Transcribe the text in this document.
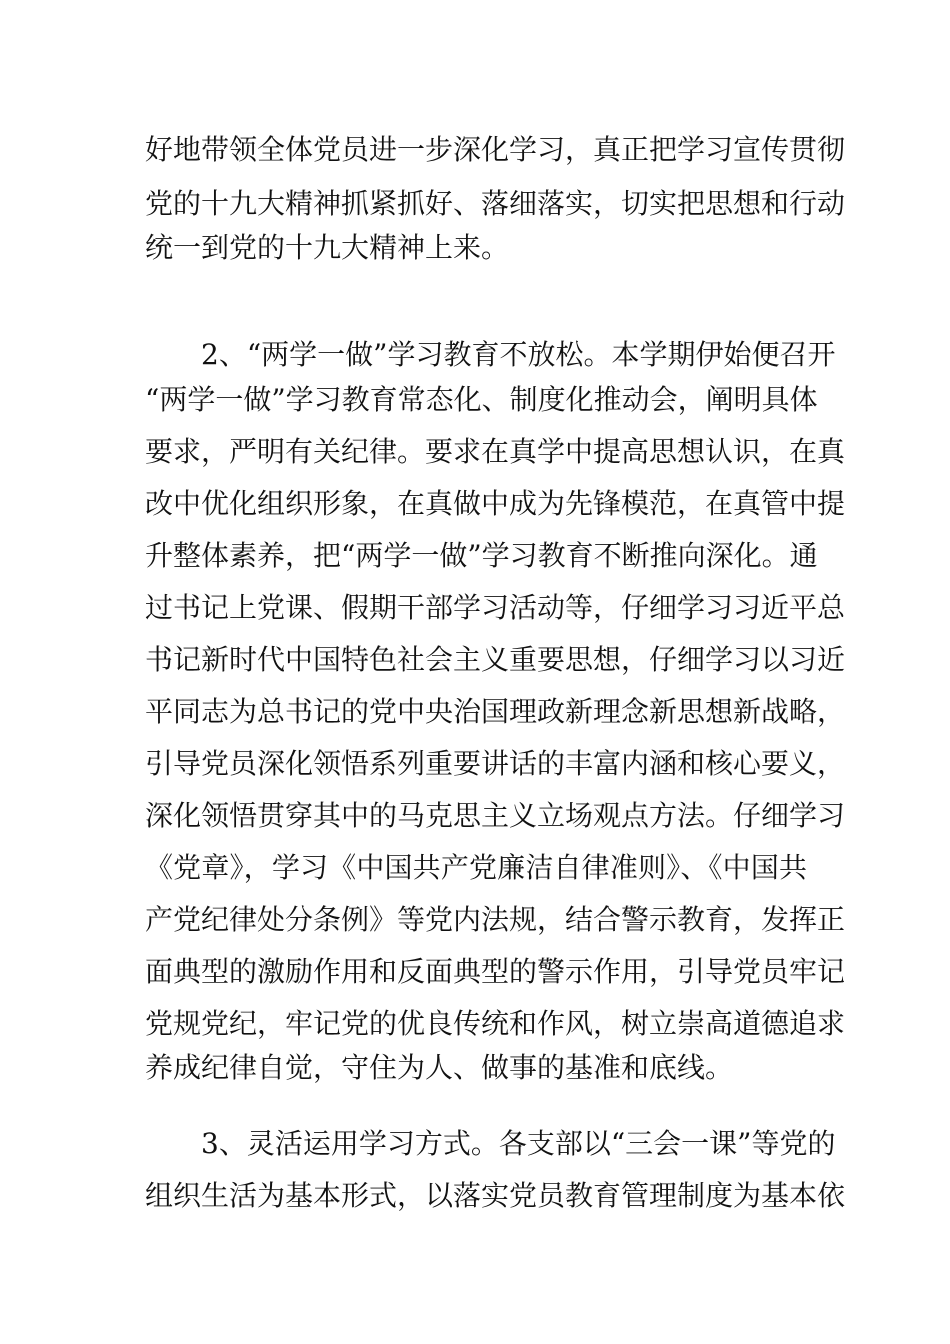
好地带领全体党员进一步深化学习，真正把学习宣传贯彻
党的十九大精神抓紧抓好、落细落实，切实把思想和行动
统一到党的十九大精神上来。
2、“两学一做”学习教育不放松。本学期伊始便召开
“两学一做”学习教育常态化、制度化推动会，阐明具体
要求，严明有关纪律。要求在真学中提高思想认识，在真
改中优化组织形象，在真做中成为先锋模范，在真管中提
升整体素养，把“两学一做”学习教育不断推向深化。通
过书记上党课、假期干部学习活动等，仔细学习习近平总
书记新时代中国特色社会主义重要思想，仔细学习以习近
平同志为总书记的党中央治国理政新理念新思想新战略，
引导党员深化领悟系列重要讲话的丰富内涵和核心要义，
深化领悟贯穿其中的马克思主义立场观点方法。仔细学习
《党章》，学习《中国共产党廉洁自律准则》、《中国共
产党纪律处分条例》等党内法规，结合警示教育，发挥正
面典型的激励作用和反面典型的警示作用，引导党员牢记
党规党纪，牢记党的优良传统和作风，树立崇高道德追求
养成纪律自觉，守住为人、做事的基准和底线。
3、灵活运用学习方式。各支部以“三会一课”等党的
组织生活为基本形式，以落实党员教育管理制度为基本依
